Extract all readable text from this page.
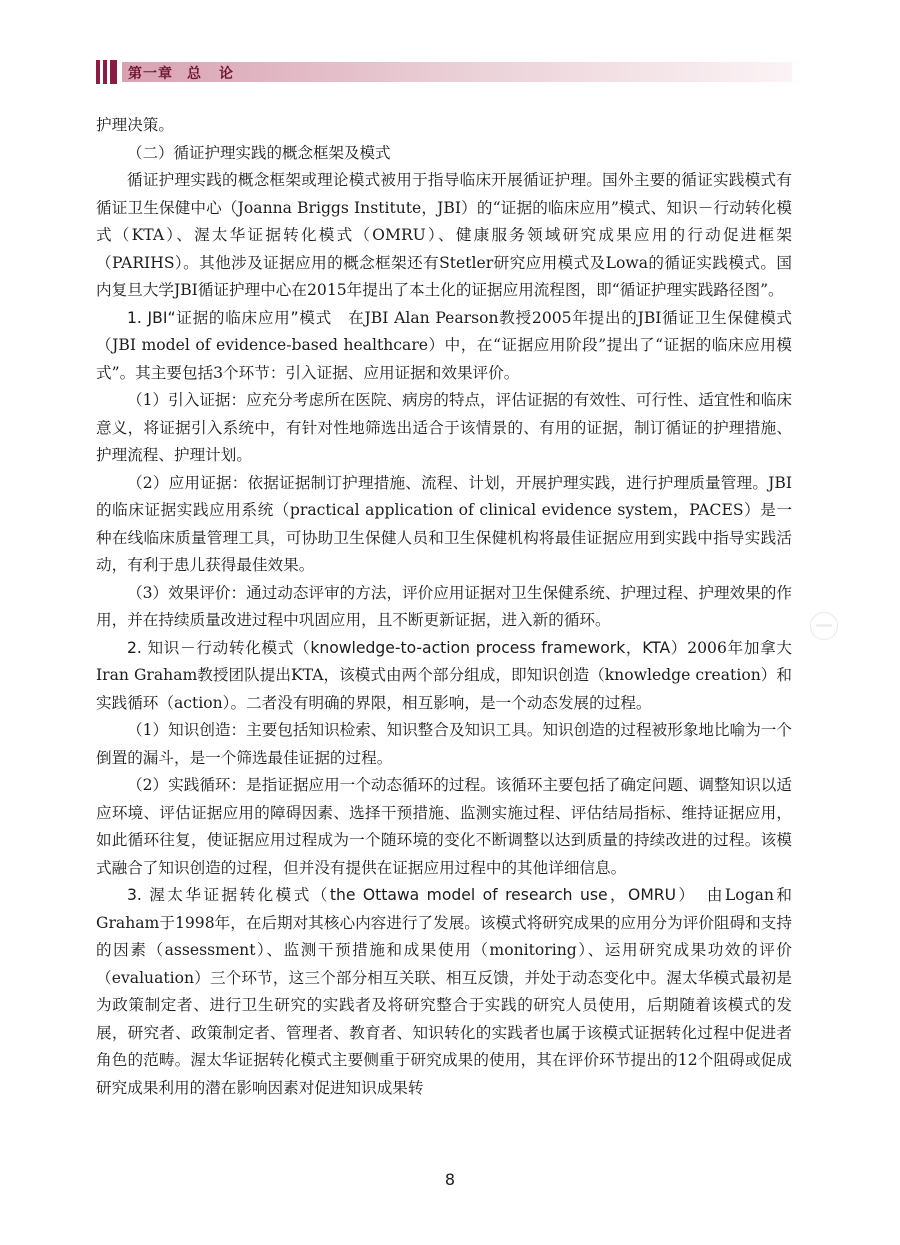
第一章 总论

护理决策。

（二）循证护理实践的概念框架及模式

循证护理实践的概念框架或理论模式被用于指导临床开展循证护理。国外主要的循证实践模式有循证卫生保健中心（Joanna Briggs Institute，JBI）的“证据的临床应用”模式、知识－行动转化模式（KTA）、渥太华证据转化模式（OMRU）、健康服务领域研究成果应用的行动促进框架（PARIHS）。其他涉及证据应用的概念框架还有Stetler研究应用模式及Lowa的循证实践模式。国内复旦大学JBI循证护理中心在2015年提出了本土化的证据应用流程图，即“循证护理实践路径图”。

1. JBI“证据的临床应用”模式　在JBI Alan Pearson教授2005年提出的JBI循证卫生保健模式（JBI model of evidence-based healthcare）中，在“证据应用阶段”提出了“证据的临床应用模式”。其主要包括3个环节：引入证据、应用证据和效果评价。

（1）引入证据：应充分考虑所在医院、病房的特点，评估证据的有效性、可行性、适宜性和临床意义，将证据引入系统中，有针对性地筛选出适合于该情景的、有用的证据，制订循证的护理措施、护理流程、护理计划。

（2）应用证据：依据证据制订护理措施、流程、计划，开展护理实践，进行护理质量管理。JBI的临床证据实践应用系统（practical application of clinical evidence system，PACES）是一种在线临床质量管理工具，可协助卫生保健人员和卫生保健机构将最佳证据应用到实践中指导实践活动，有利于患儿获得最佳效果。

（3）效果评价：通过动态评审的方法，评价应用证据对卫生保健系统、护理过程、护理效果的作用，并在持续质量改进过程中巩固应用，且不断更新证据，进入新的循环。

2. 知识－行动转化模式（knowledge-to-action process framework，KTA）2006年加拿大Iran Graham教授团队提出KTA，该模式由两个部分组成，即知识创造（knowledge creation）和实践循环（action）。二者没有明确的界限，相互影响，是一个动态发展的过程。

（1）知识创造：主要包括知识检索、知识整合及知识工具。知识创造的过程被形象地比喻为一个倒置的漏斗，是一个筛选最佳证据的过程。

（2）实践循环：是指证据应用一个动态循环的过程。该循环主要包括了确定问题、调整知识以适应环境、评估证据应用的障碍因素、选择干预措施、监测实施过程、评估结局指标、维持证据应用，如此循环往复，使证据应用过程成为一个随环境的变化不断调整以达到质量的持续改进的过程。该模式融合了知识创造的过程，但并没有提供在证据应用过程中的其他详细信息。

3. 渥太华证据转化模式（the Ottawa model of research use，OMRU）　由Logan和Graham于1998年，在后期对其核心内容进行了发展。该模式将研究成果的应用分为评价阻碍和支持的因素（assessment）、监测干预措施和成果使用（monitoring）、运用研究成果功效的评价（evaluation）三个环节，这三个部分相互关联、相互反馈，并处于动态变化中。渥太华模式最初是为政策制定者、进行卫生研究的实践者及将研究整合于实践的研究人员使用，后期随着该模式的发展，研究者、政策制定者、管理者、教育者、知识转化的实践者也属于该模式证据转化过程中促进者角色的范畴。渥太华证据转化模式主要侧重于研究成果的使用，其在评价环节提出的12个阻碍或促成研究成果利用的潜在影响因素对促进知识成果转

8
